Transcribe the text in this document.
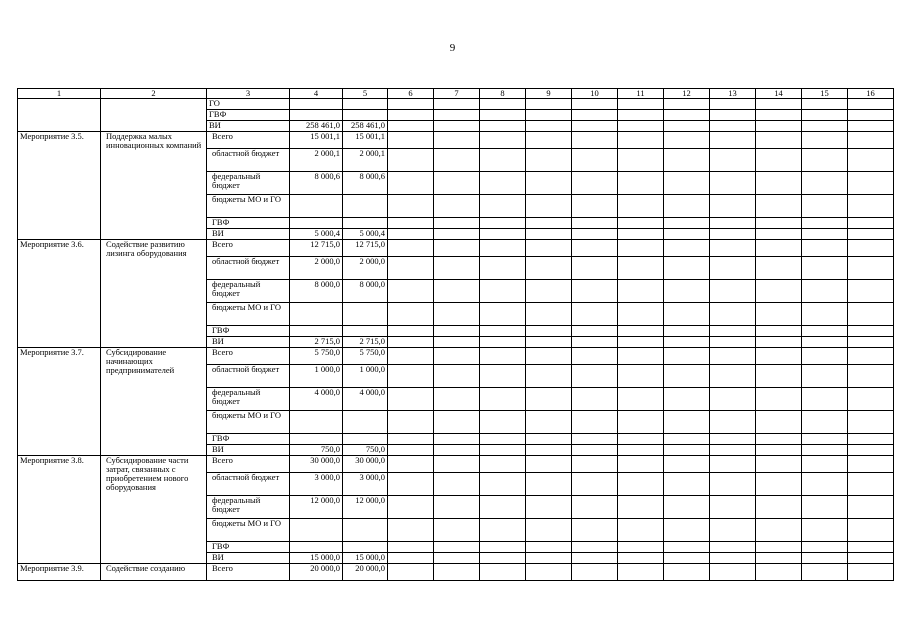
9
1	2	3	4	5	6	7	8	9	10	11	12	13	14	15	16
		ГО													
		ГВФ													
		ВИ	258 461,0	258 461,0											
Мероприятие 3.5.	Поддержка малых инновационных компаний	Всего	15 001,1	15 001,1											
		областной бюджет	2 000,1	2 000,1											
		федеральный бюджет	8 000,6	8 000,6											
		бюджеты МО и ГО													
		ГВФ													
		ВИ	5 000,4	5 000,4											
Мероприятие 3.6.	Содействие развитию лизинга оборудования	Всего	12 715,0	12 715,0											
		областной бюджет	2 000,0	2 000,0											
		федеральный бюджет	8 000,0	8 000,0											
		бюджеты МО и ГО													
		ГВФ													
		ВИ	2 715,0	2 715,0											
Мероприятие 3.7.	Субсидирование начинающих предпринимателей	Всего	5 750,0	5 750,0											
		областной бюджет	1 000,0	1 000,0											
		федеральный бюджет	4 000,0	4 000,0											
		бюджеты МО и ГО													
		ГВФ													
		ВИ	750,0	750,0											
Мероприятие 3.8.	Субсидирование части затрат, связанных с приобретением нового оборудования	Всего	30 000,0	30 000,0											
		областной бюджет	3 000,0	3 000,0											
		федеральный бюджет	12 000,0	12 000,0											
		бюджеты МО и ГО													
		ГВФ													
		ВИ	15 000,0	15 000,0											
Мероприятие 3.9.	Содействие созданию	Всего	20 000,0	20 000,0											
